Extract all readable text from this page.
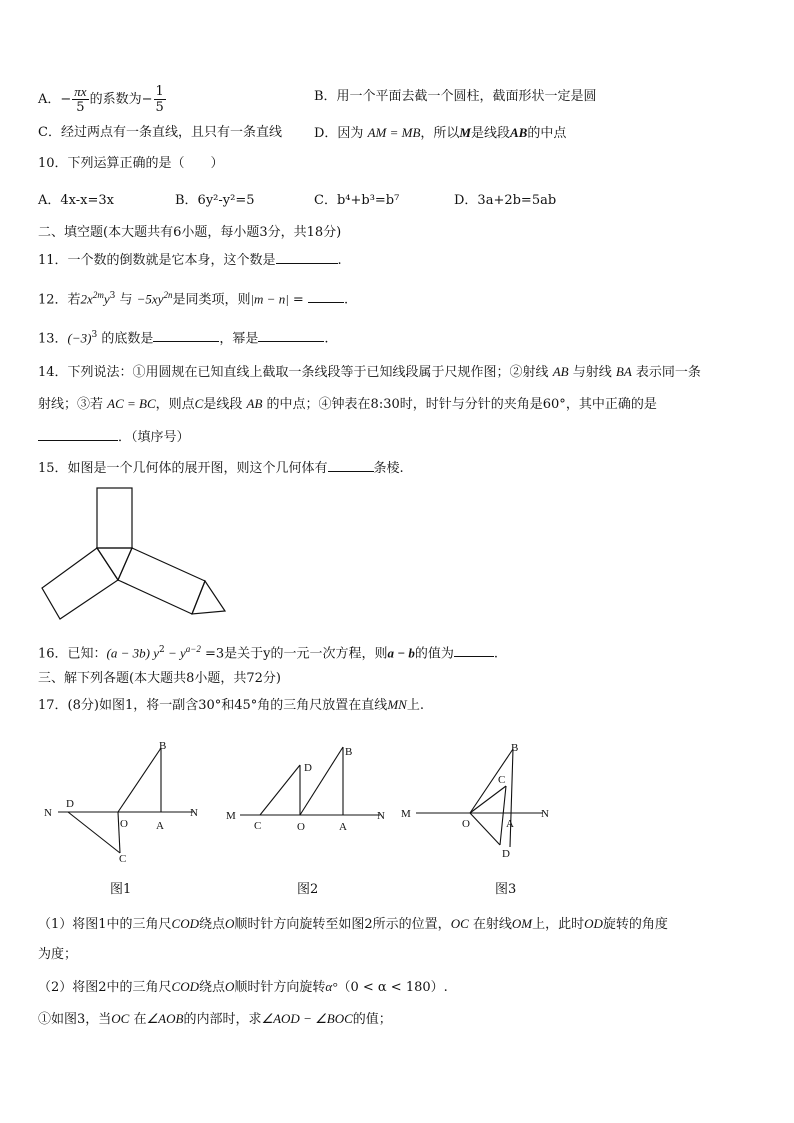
A．− $\frac{\pi x}{5}$ 的系数为− $\frac{1}{5}$	B．用一个平面去截一个圆柱，截面形状一定是圆
C．经过两点有一条直线，且只有一条直线 D．因为 AM = MB，所以M是线段AB的中点
10．下列运算正确的是（　　）
A．4x-x=3x	B．6y²-y²=5	C．b⁴+b³=b⁷	D．3a+2b=5ab
二、填空题(本大题共有6小题，每小题3分，共18分)
11．一个数的倒数就是它本身，这个数是	.
12．若$2x^{2m}y^3$ 与 $-5xy^{2n}$是同类项，则|m − n| =	.
13．$(-3)^3$ 的底数是	，幂是	.
14．下列说法：①用圆规在已知直线上截取一条线段等于已知线段属于尺规作图；②射线 AB 与射线 BA 表示同一条
射线；③若 AC = BC，则点C是线段 AB 的中点；④钟表在8:30时，时针与分针的夹角是60°，其中正确的是
．（填序号）
15．如图是一个几何体的展开图，则这个几何体有	条棱.
16．已知：(a − 3b) $y^2 - y^{a-2} =3$是关于y的一元一次方程，则a − b的值为	.
三、解下列各题(本大题共8小题，共72分)
17．(8分)如图1，将一副含30°和45°角的三角尺放置在直线MN上.
N
D
O	A
B
N
C
图1
M
C
D
O	A
B
N
图2
M
O
C
B
A
D
N
图3
（1）将图1中的三角尺COD绕点O顺时针方向旋转至如图2所示的位置，OC 在射线OM上，此时OD旋转的角度
为度；
（2）将图2中的三角尺COD绕点O顺时针方向旋转α°（0 < α < 180）.
①如图3，当OC 在∠AOB的内部时，求∠AOD − ∠BOC的值；
